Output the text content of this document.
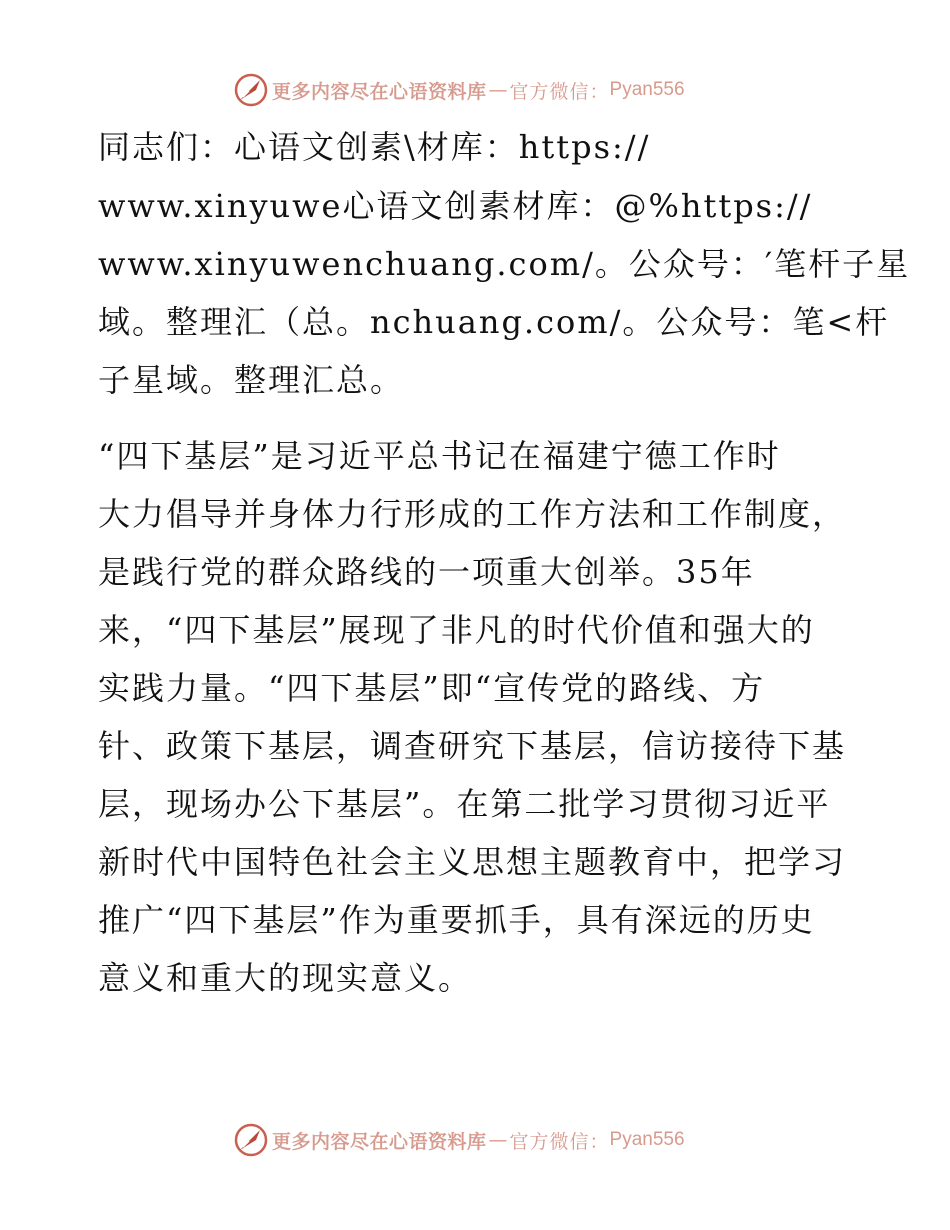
更多内容尽在心语资料库 — 官方微信： Pyan556
同志们：心语文创素\材库：https://
www.xinyuwe心语文创素材库：@%https://
www.xinyuwenchuang.com/。公众号：′笔杆子星
域。整理汇（总。nchuang.com/。公众号：笔<杆
子星域。整理汇总。
“四下基层”是习近平总书记在福建宁德工作时
大力倡导并身体力行形成的工作方法和工作制度，
是践行党的群众路线的一项重大创举。35年
来，“四下基层”展现了非凡的时代价值和强大的
实践力量。“四下基层”即“宣传党的路线、方
针、政策下基层，调查研究下基层，信访接待下基
层，现场办公下基层”。在第二批学习贯彻习近平
新时代中国特色社会主义思想主题教育中，把学习
推广“四下基层”作为重要抓手，具有深远的历史
意义和重大的现实意义。
更多内容尽在心语资料库 — 官方微信： Pyan556
